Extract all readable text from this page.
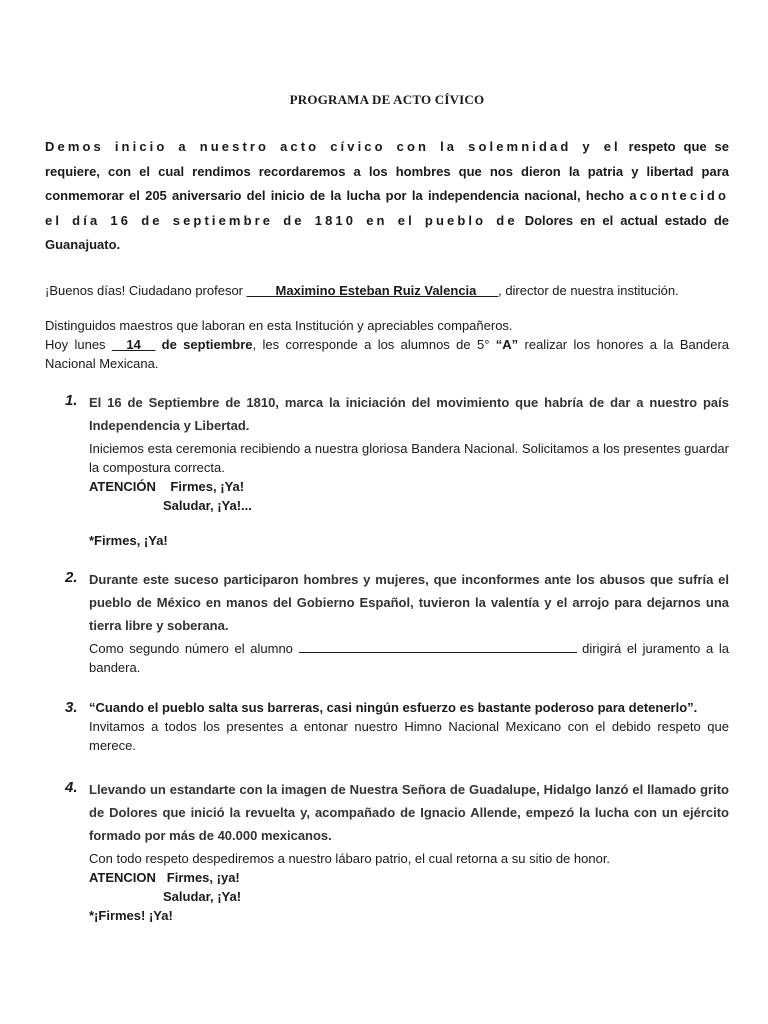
PROGRAMA DE ACTO CÍVICO

Demos inicio a nuestro acto cívico con la solemnidad y el respeto que se requiere, con el cual rendimos recordaremos a los hombres que nos dieron la patria y libertad para conmemorar el 205 aniversario del inicio de la lucha por la independencia nacional, hecho acontecido el día 16 de septiembre de 1810 en el pueblo de Dolores en el actual estado de Guanajuato.

¡Buenos días! Ciudadano profesor ____Maximino Esteban Ruiz Valencia___, director de nuestra institución.

Distinguidos maestros que laboran en esta Institución y apreciables compañeros.

Hoy lunes __14__ de septiembre, les corresponde a los alumnos de 5° “A” realizar los honores a la Bandera Nacional Mexicana.

1. El 16 de Septiembre de 1810, marca la iniciación del movimiento que habría de dar a nuestro país Independencia y Libertad.

Iniciemos esta ceremonia recibiendo a nuestra gloriosa Bandera Nacional. Solicitamos a los presentes guardar la compostura correcta.

ATENCIÓN Firmes, ¡Ya!

Saludar, ¡Ya!...

*Firmes, ¡Ya!

2. Durante este suceso participaron hombres y mujeres, que inconformes ante los abusos que sufría el pueblo de México en manos del Gobierno Español, tuvieron la valentía y el arrojo para dejarnos una tierra libre y soberana.

Como segundo número el alumno	dirigirá el juramento a la bandera.

3. “Cuando el pueblo salta sus barreras, casi ningún esfuerzo es bastante poderoso para detenerlo”.

Invitamos a todos los presentes a entonar nuestro Himno Nacional Mexicano con el debido respeto que merece.

4. Llevando un estandarte con la imagen de Nuestra Señora de Guadalupe, Hidalgo lanzó el llamado grito de Dolores que inició la revuelta y, acompañado de Ignacio Allende, empezó la lucha con un ejército formado por más de 40.000 mexicanos.

Con todo respeto despediremos a nuestro lábaro patrio, el cual retorna a su sitio de honor.

ATENCION Firmes, ¡ya!

Saludar, ¡Ya!

*¡Firmes! ¡Ya!
